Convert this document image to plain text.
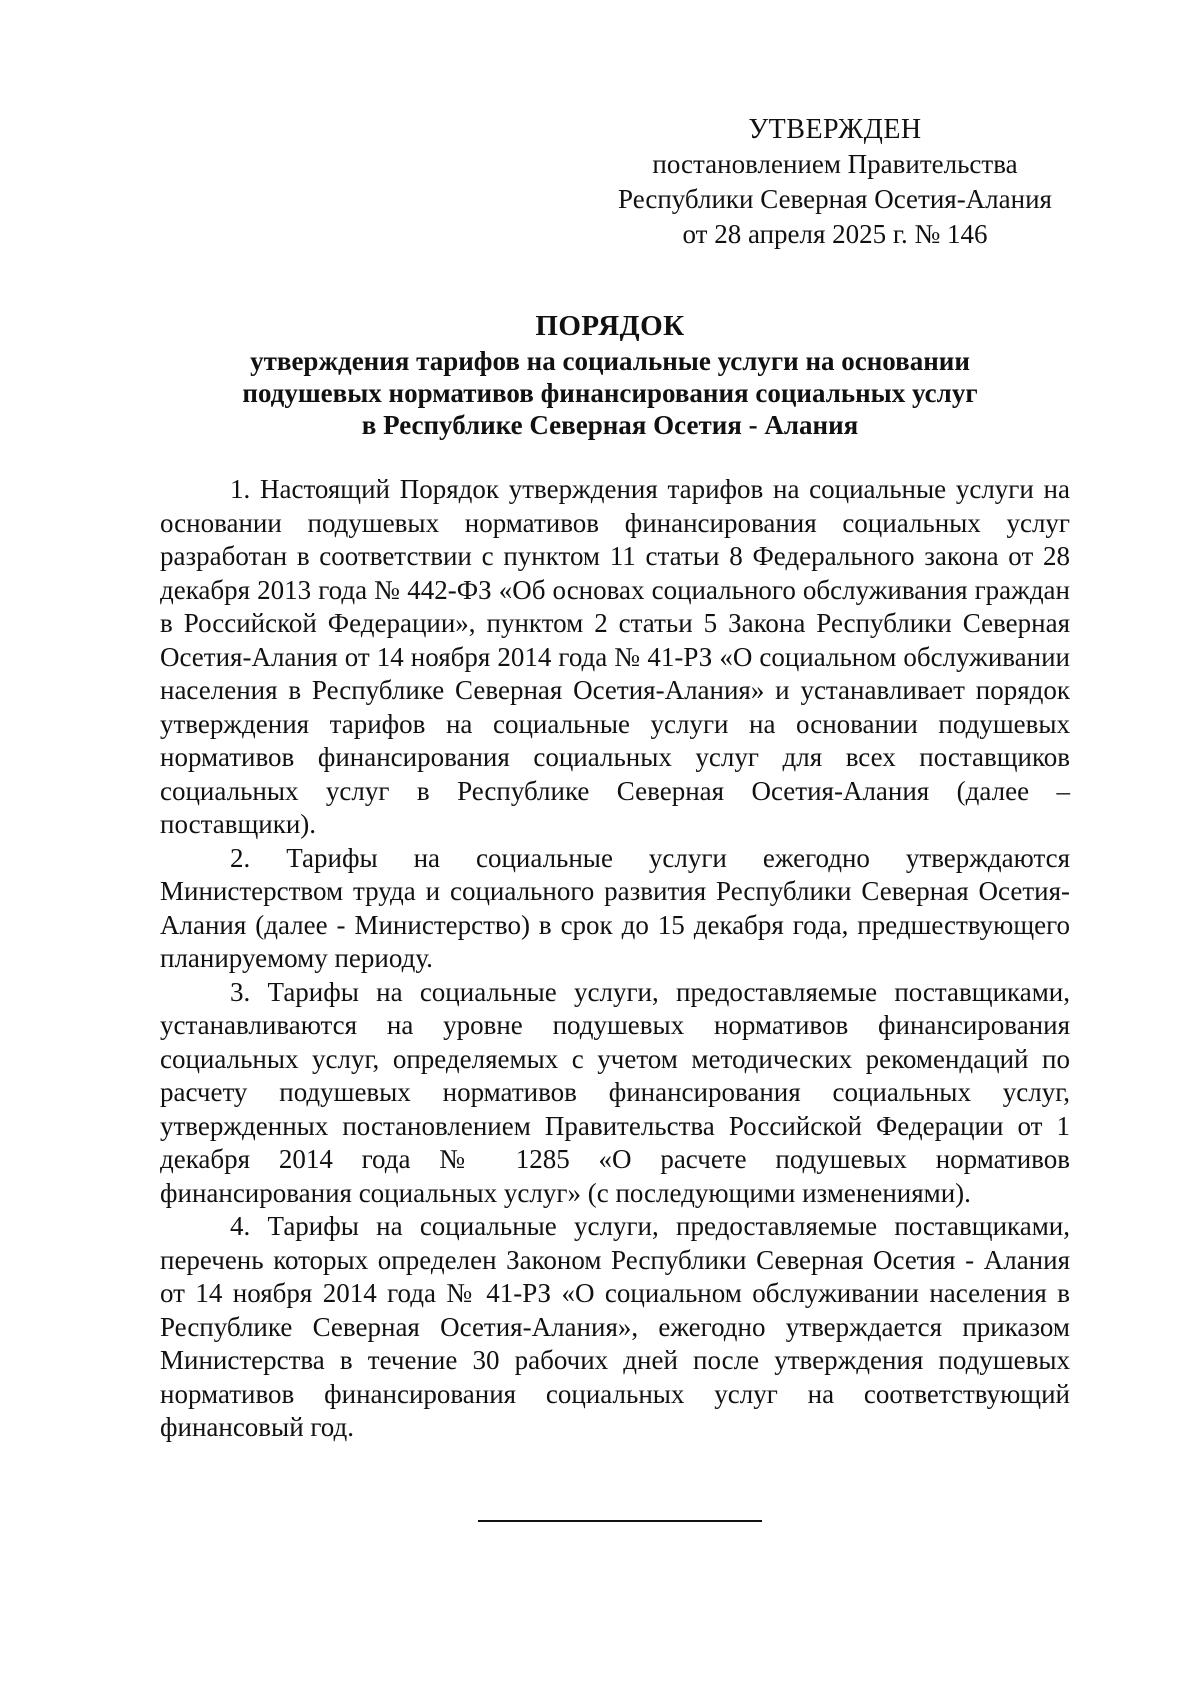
УТВЕРЖДЕН
постановлением Правительства
Республики Северная Осетия-Алания
от 28 апреля 2025 г. № 146
ПОРЯДОК
утверждения тарифов на социальные услуги на основании
подушевых нормативов финансирования социальных услуг
в Республике Северная Осетия - Алания

1. Настоящий Порядок утверждения тарифов на социальные услуги на основании подушевых нормативов финансирования социальных услуг разработан в соответствии с пунктом 11 статьи 8 Федерального закона от 28 декабря 2013 года № 442-ФЗ «Об основах социального обслуживания граждан в Российской Федерации», пунктом 2 статьи 5 Закона Республики Северная Осетия-Алания от 14 ноября 2014 года № 41-РЗ «О социальном обслуживании населения в Республике Северная Осетия-Алания» и устанавливает порядок утверждения тарифов на социальные услуги на основании подушевых нормативов финансирования социальных услуг для всех поставщиков социальных услуг в Республике Северная Осетия-Алания (далее – поставщики).

2. Тарифы на социальные услуги ежегодно утверждаются Министерством труда и социального развития Республики Северная Осетия-Алания (далее - Министерство) в срок до 15 декабря года, предшествующего планируемому периоду.

3. Тарифы на социальные услуги, предоставляемые поставщиками, устанавливаются на уровне подушевых нормативов финансирования социальных услуг, определяемых с учетом методических рекомендаций по расчету подушевых нормативов финансирования социальных услуг, утвержденных постановлением Правительства Российской Федерации от 1 декабря 2014 года № 1285 «О расчете подушевых нормативов финансирования социальных услуг» (с последующими изменениями).

4. Тарифы на социальные услуги, предоставляемые поставщиками, перечень которых определен Законом Республики Северная Осетия - Алания от 14 ноября 2014 года № 41-РЗ «О социальном обслуживании населения в Республике Северная Осетия-Алания», ежегодно утверждается приказом Министерства в течение 30 рабочих дней после утверждения подушевых нормативов финансирования социальных услуг на соответствующий финансовый год.
